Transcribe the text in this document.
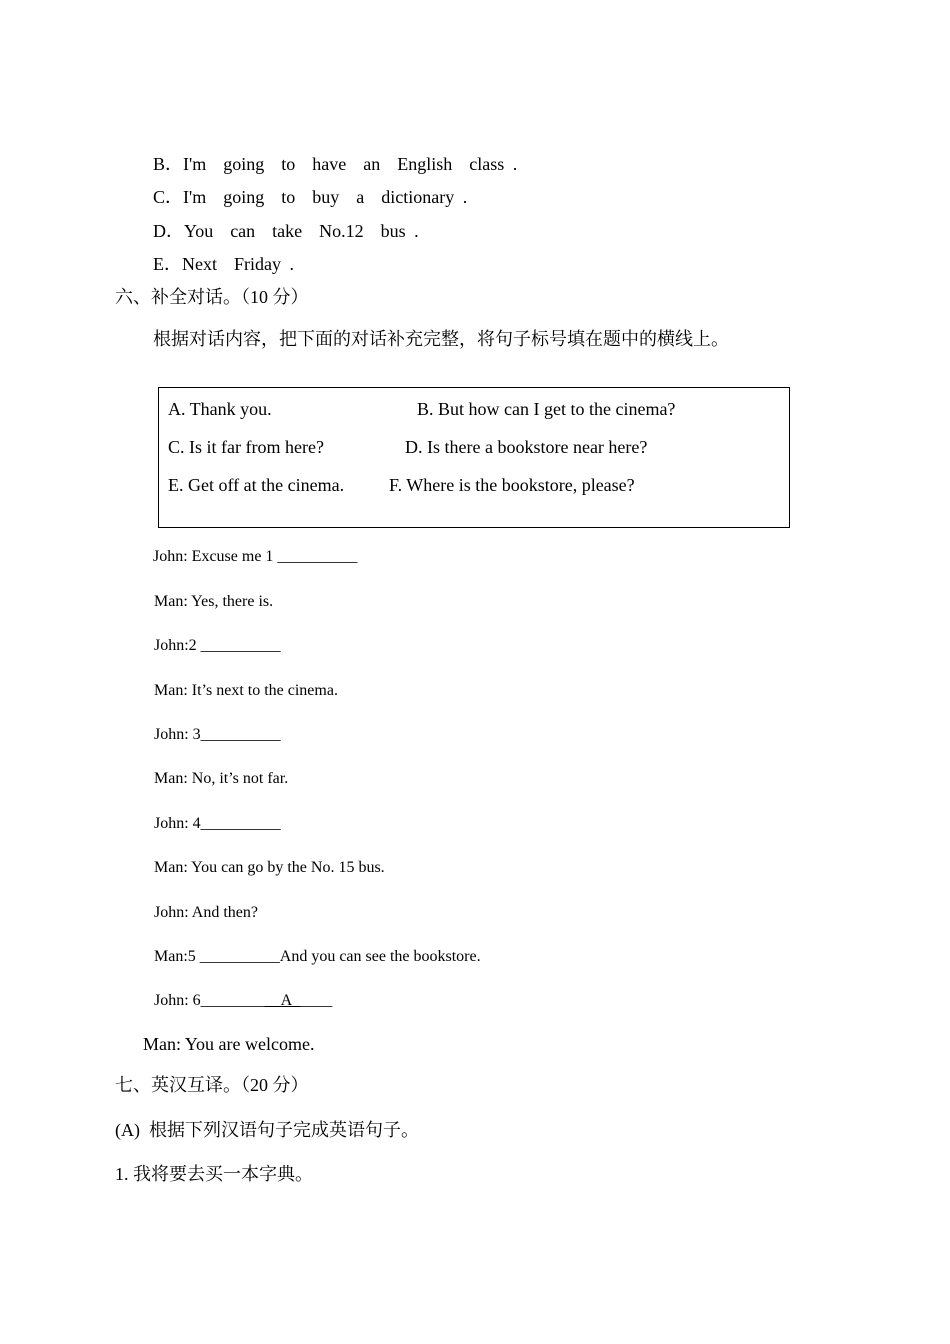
B．I'm  going  to  have  an  English  class .
C．I'm  going  to  buy  a  dictionary .
D．You  can  take  No.12  bus .
E．Next  Friday .
六、补全对话。（10 分）
根据对话内容，把下面的对话补充完整，将句子标号填在题中的横线上。
A. Thank you.	B. But how can I get to the cinema?
C. Is it far from here?	D. Is there a bookstore near here?
E. Get off at the cinema. F. Where is the bookstore, please?
John: Excuse me 1 __________
Man: Yes, there is.
John:2 __________
Man: It’s next to the cinema.
John: 3__________
Man: No, it’s not far.
John: 4__________
Man: You can go by the No. 15 bus.
John: And then?
Man:5 __________And you can see the bookstore.
John: 6__________A_____
Man: You are welcome.
七、英汉互译。（20 分）
(A)  根据下列汉语句子完成英语句子。
1. 我将要去买一本字典。
